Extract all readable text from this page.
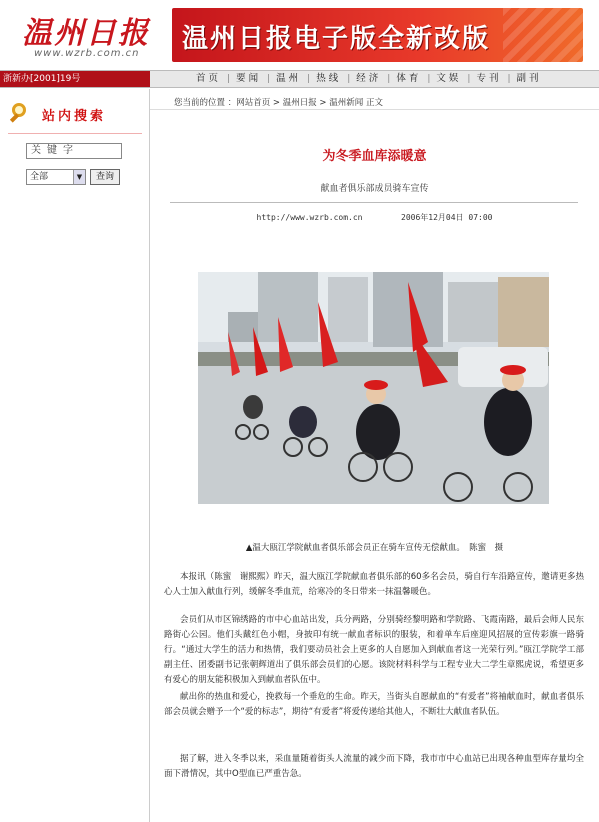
温州日报
www.wzrb.com.cn 温州日报电子版全新改版
浙新办[2001]19号	首页 | 要闻 | 温州 | 热线 | 经济 | 体育 | 文娱 | 专刊 | 副刊
站内搜索
关键字
全部	▼	查询
您当前的位置 ：网站首页 > 温州日报 > 温州新闻 正文
为冬季血库添暖意
献血者俱乐部成员骑车宣传
http://www.wzrb.com.cn	2006年12月04日 07:00
▲温大瓯江学院献血者俱乐部会员正在骑车宣传无偿献血。　陈蜜　摄

本报讯（陈蜜　谢熙熙）昨天，温大瓯江学院献血者俱乐部的60多名会员，骑自行车沿路宣传，邀请更多热心人士加入献血行列，缓解冬季血荒，给寒冷的冬日带来一抹温馨暖色。

会员们从市区锦绣路的市中心血站出发，兵分两路，分别骑经黎明路和学院路、飞霞南路，最后会师人民东路街心公园。他们头戴红色小帽，身披印有统一献血者标识的服装，和着单车后座迎风招展的宣传彩旗一路骑行。“通过大学生的活力和热情，我们要动员社会上更多的人自愿加入到献血者这一光荣行列。”瓯江学院学工部副主任、团委副书记张朝辉道出了俱乐部会员们的心愿。该院材料科学与工程专业大二学生章熙虎说，希望更多有爱心的朋友能积极加入到献血者队伍中。

献出你的热血和爱心，挽救每一个垂危的生命。昨天，当街头自愿献血的“有爱者”将袖献血时，献血者俱乐部会员就会赠予一个“爱的标志”，期待“有爱者”将爱传递给其他人，不断壮大献血者队伍。

据了解，进入冬季以来，采血量随着街头人流量的减少而下降，我市市中心血站已出现各种血型库存量均全面下滑情况，其中O型血已严重告急。
